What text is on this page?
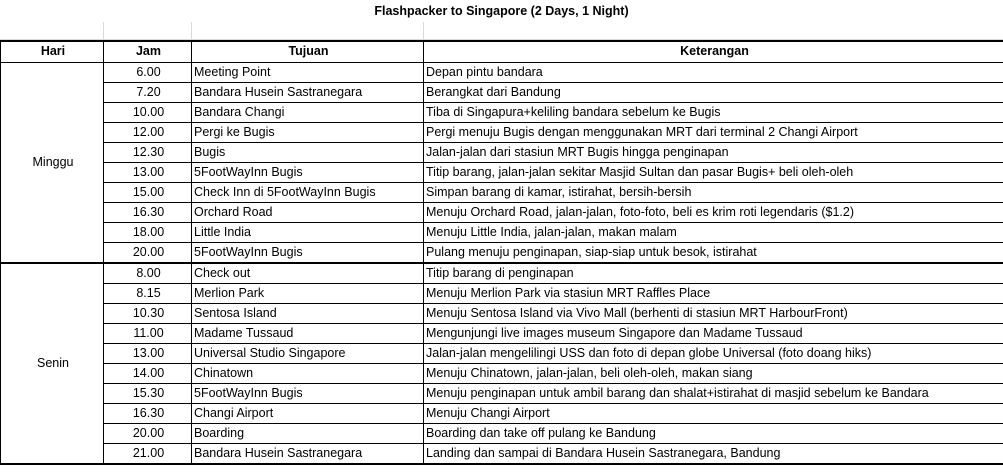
Flashpacker to Singapore (2 Days, 1 Night)
Hari	Jam	Tujuan	Keterangan
Minggu	6.00	Meeting Point	Depan pintu bandara
	7.20	Bandara Husein Sastranegara	Berangkat dari Bandung
	10.00	Bandara Changi	Tiba di Singapura+keliling bandara sebelum ke Bugis
	12.00	Pergi ke Bugis	Pergi menuju Bugis dengan menggunakan MRT dari terminal 2 Changi Airport
	12.30	Bugis	Jalan-jalan dari stasiun MRT Bugis hingga penginapan
	13.00	5FootWayInn Bugis	Titip barang, jalan-jalan sekitar Masjid Sultan dan pasar Bugis+ beli oleh-oleh
	15.00	Check Inn di 5FootWayInn Bugis	Simpan barang di kamar, istirahat, bersih-bersih
	16.30	Orchard Road	Menuju Orchard Road, jalan-jalan, foto-foto, beli es krim roti legendaris ($1.2)
	18.00	Little India	Menuju Little India, jalan-jalan, makan malam
	20.00	5FootWayInn Bugis	Pulang menuju penginapan, siap-siap untuk besok, istirahat
Senin	8.00	Check out	Titip barang di penginapan
	8.15	Merlion Park	Menuju Merlion Park via stasiun MRT Raffles Place
	10.30	Sentosa Island	Menuju Sentosa Island via Vivo Mall (berhenti di stasiun MRT HarbourFront)
	11.00	Madame Tussaud	Mengunjungi live images museum Singapore dan Madame Tussaud
	13.00	Universal Studio Singapore	Jalan-jalan mengelilingi USS dan foto di depan globe Universal (foto doang hiks)
	14.00	Chinatown	Menuju Chinatown, jalan-jalan, beli oleh-oleh, makan siang
	15.30	5FootWayInn Bugis	Menuju penginapan untuk ambil barang dan shalat+istirahat di masjid sebelum ke Bandara
	16.30	Changi Airport	Menuju Changi Airport
	20.00	Boarding	Boarding dan take off pulang ke Bandung
	21.00	Bandara Husein Sastranegara	Landing dan sampai di Bandara Husein Sastranegara, Bandung
